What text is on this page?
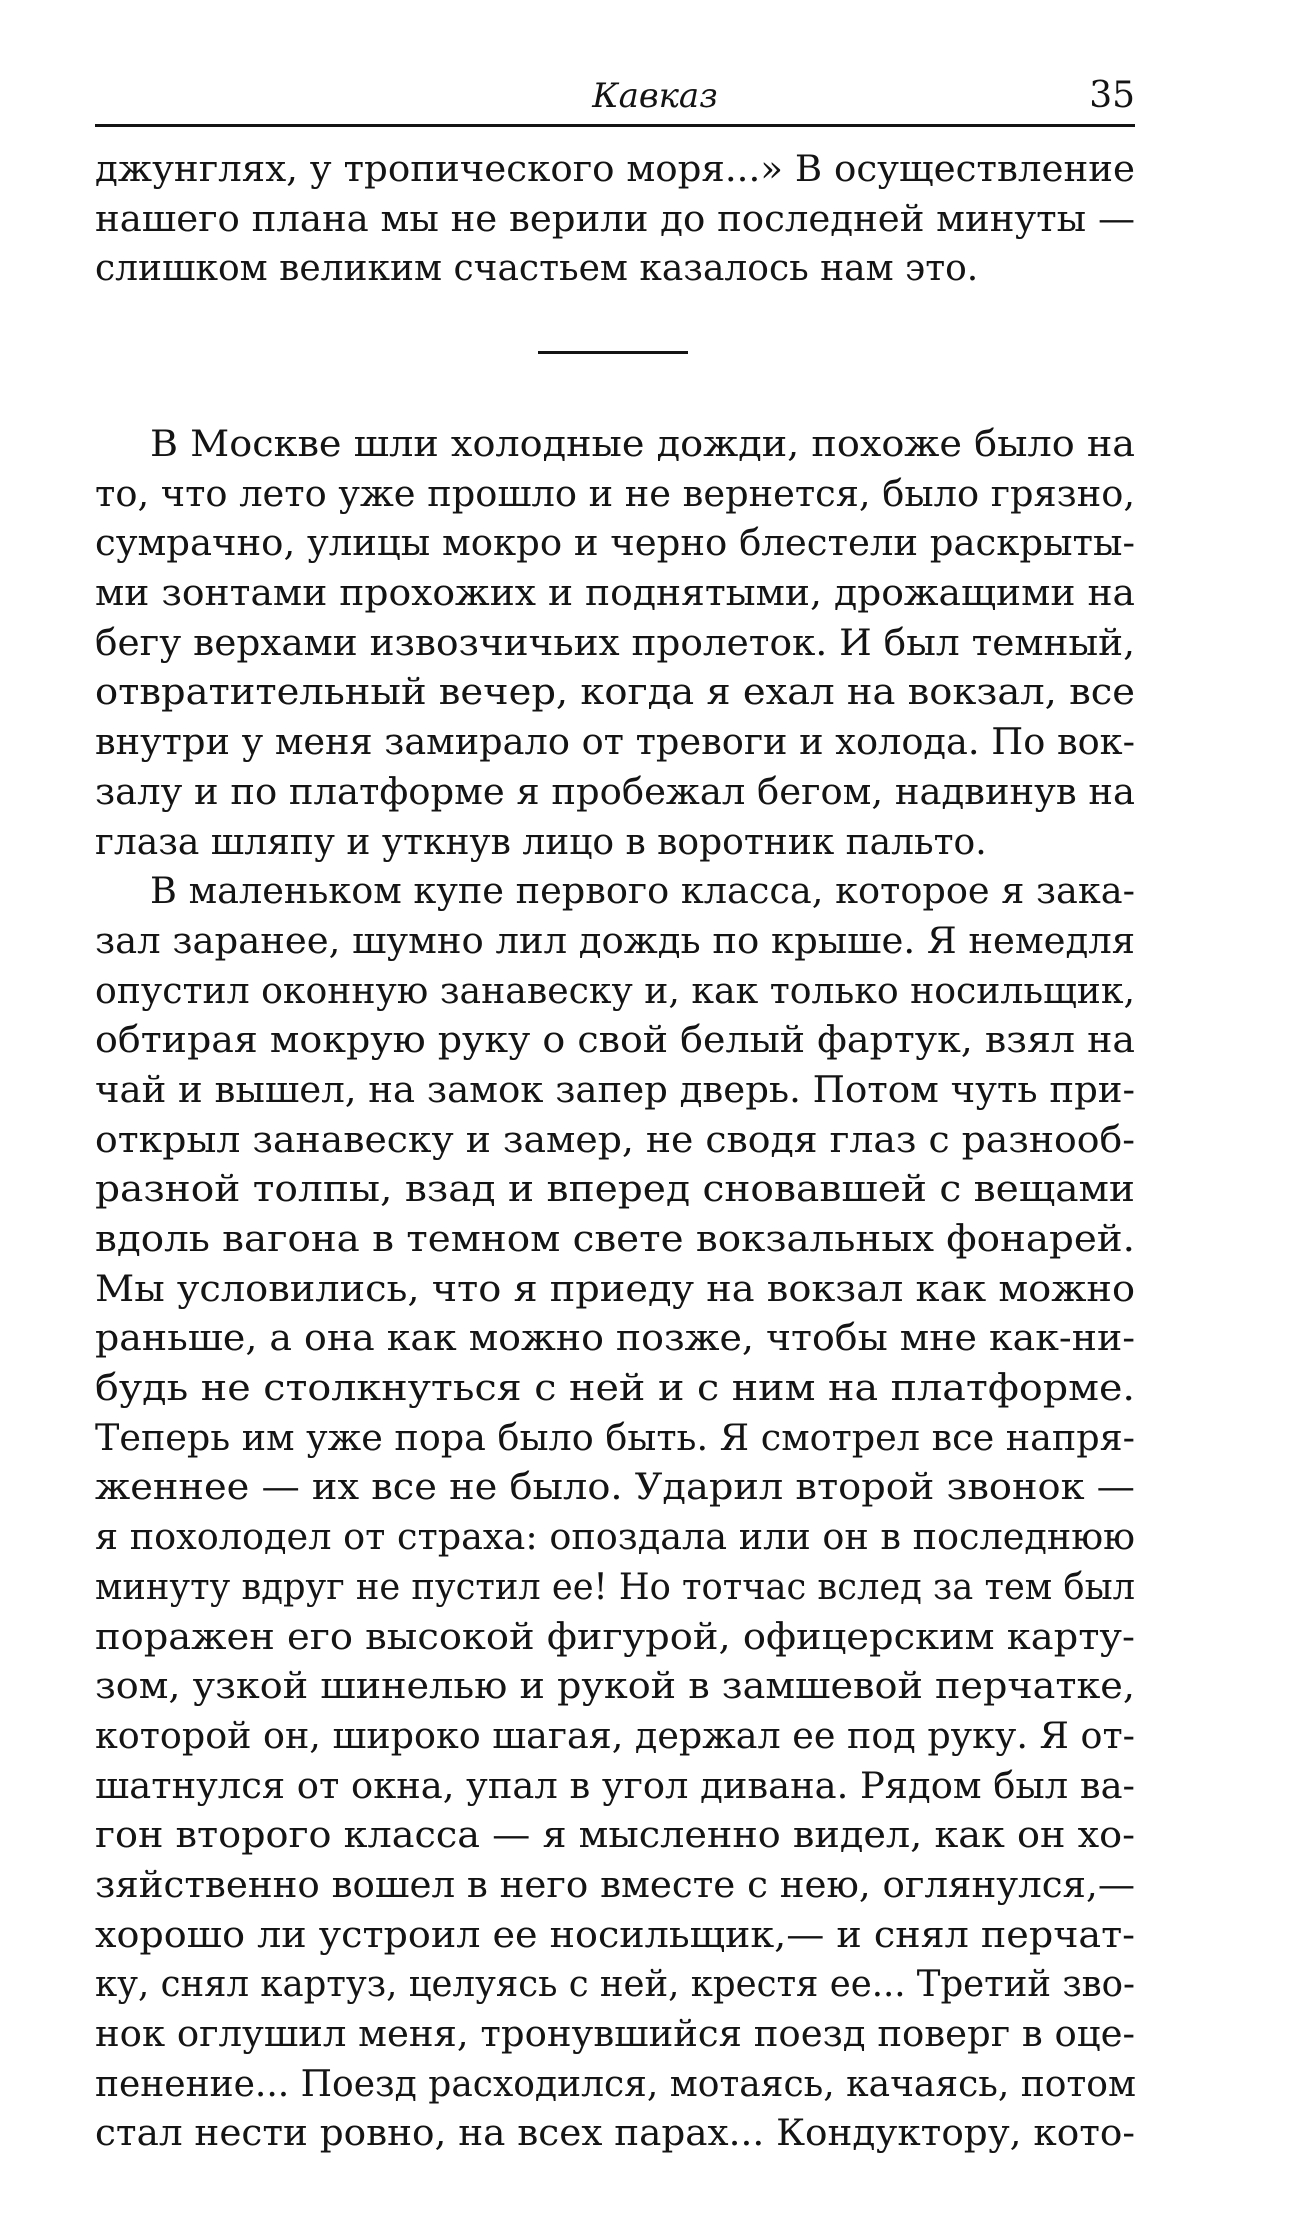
Кавказ	35
джунглях, у тропического моря...» В осуществление
нашего плана мы не верили до последней минуты —
слишком великим счастьем казалось нам это.
В Москве шли холодные дожди, похоже было на
то, что лето уже прошло и не вернется, было грязно,
сумрачно, улицы мокро и черно блестели раскрыты-
ми зонтами прохожих и поднятыми, дрожащими на
бегу верхами извозчичьих пролеток. И был темный,
отвратительный вечер, когда я ехал на вокзал, все
внутри у меня замирало от тревоги и холода. По вок-
залу и по платформе я пробежал бегом, надвинув на
глаза шляпу и уткнув лицо в воротник пальто.
В маленьком купе первого класса, которое я зака-
зал заранее, шумно лил дождь по крыше. Я немедля
опустил оконную занавеску и, как только носильщик,
обтирая мокрую руку о свой белый фартук, взял на
чай и вышел, на замок запер дверь. Потом чуть при-
открыл занавеску и замер, не сводя глаз с разнооб-
разной толпы, взад и вперед сновавшей с вещами
вдоль вагона в темном свете вокзальных фонарей.
Мы условились, что я приеду на вокзал как можно
раньше, а она как можно позже, чтобы мне как-ни-
будь не столкнуться с ней и с ним на платформе.
Теперь им уже пора было быть. Я смотрел все напря-
женнее — их все не было. Ударил второй звонок —
я похолодел от страха: опоздала или он в последнюю
минуту вдруг не пустил ее! Но тотчас вслед за тем был
поражен его высокой фигурой, офицерским карту-
зом, узкой шинелью и рукой в замшевой перчатке,
которой он, широко шагая, держал ее под руку. Я от-
шатнулся от окна, упал в угол дивана. Рядом был ва-
гон второго класса — я мысленно видел, как он хо-
зяйственно вошел в него вместе с нею, оглянулся,—
хорошо ли устроил ее носильщик,— и снял перчат-
ку, снял картуз, целуясь с ней, крестя ее... Третий зво-
нок оглушил меня, тронувшийся поезд поверг в оце-
пенение... Поезд расходился, мотаясь, качаясь, потом
стал нести ровно, на всех парах... Кондуктору, кото-
